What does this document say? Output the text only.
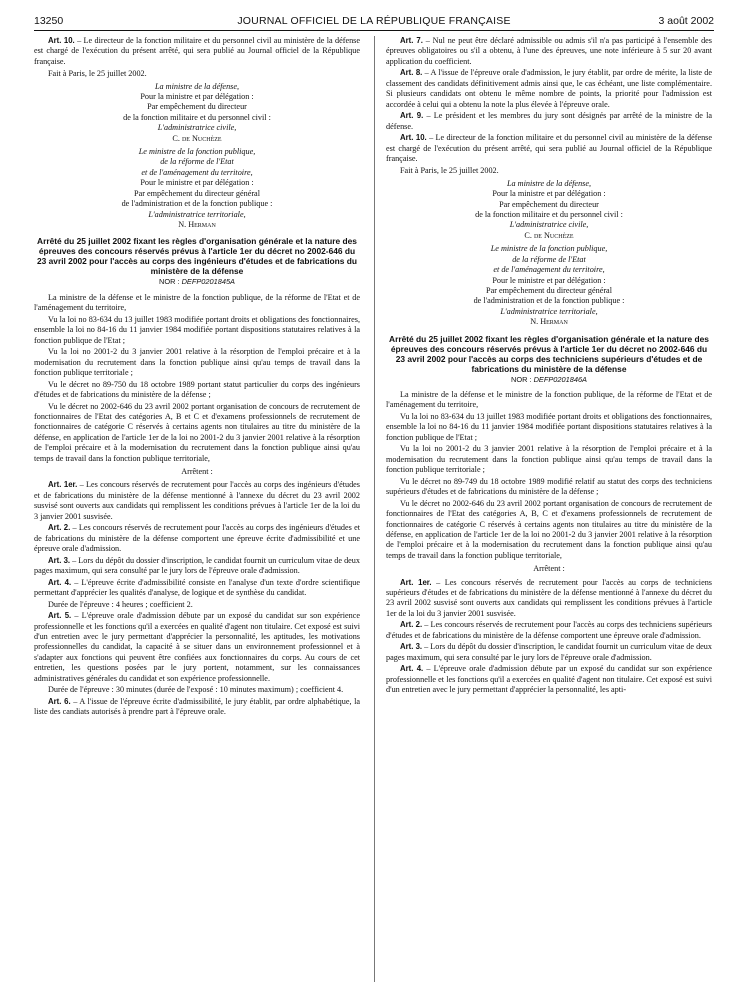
13250	JOURNAL OFFICIEL DE LA RÉPUBLIQUE FRANÇAISE	3 août 2002

Art. 10. – Le directeur de la fonction militaire et du personnel civil au ministère de la défense est chargé de l'exécution du présent arrêté, qui sera publié au Journal officiel de la République française.

Fait à Paris, le 25 juillet 2002.

La ministre de la défense,

Pour la ministre et par délégation :

Par empêchement du directeur

de la fonction militaire et du personnel civil :

L'administratrice civile,

C. de Nuchèze

Le ministre de la fonction publique,

de la réforme de l'Etat

et de l'aménagement du territoire,

Pour le ministre et par délégation :

Par empêchement du directeur général

de l'administration et de la fonction publique :

L'administratrice territoriale,

N. Herman

Arrêté du 25 juillet 2002 fixant les règles d'organisation générale et la nature des épreuves des concours réservés prévus à l'article 1er du décret no 2002-646 du 23 avril 2002 pour l'accès au corps des ingénieurs d'études et de fabrications du ministère de la défense

NOR : DEFP0201845A

La ministre de la défense et le ministre de la fonction publique, de la réforme de l'Etat et de l'aménagement du territoire,

Vu la loi no 83-634 du 13 juillet 1983 modifiée portant droits et obligations des fonctionnaires, ensemble la loi no 84-16 du 11 janvier 1984 modifiée portant dispositions statutaires relatives à la fonction publique de l'Etat ;

Vu la loi no 2001-2 du 3 janvier 2001 relative à la résorption de l'emploi précaire et à la modernisation du recrutement dans la fonction publique ainsi qu'au temps de travail dans la fonction publique territoriale ;

Vu le décret no 89-750 du 18 octobre 1989 portant statut particulier du corps des ingénieurs d'études et de fabrications du ministère de la défense ;

Vu le décret no 2002-646 du 23 avril 2002 portant organisation de concours de recrutement de fonctionnaires de l'Etat des catégories A, B et C et d'examens professionnels de recrutement de fonctionnaires de catégorie C réservés à certains agents non titulaires au titre du ministère de la défense, en application de l'article 1er de la loi no 2001-2 du 3 janvier 2001 relative à la résorption de l'emploi précaire et à la modernisation du recrutement dans la fonction publique ainsi qu'au temps de travail dans la fonction publique territoriale,

Arrêtent :

Art. 1er. – Les concours réservés de recrutement pour l'accès au corps des ingénieurs d'études et de fabrications du ministère de la défense mentionné à l'annexe du décret du 23 avril 2002 susvisé sont ouverts aux candidats qui remplissent les conditions prévues à l'article 1er de la loi du 3 janvier 2001 susvisée.

Art. 2. – Les concours réservés de recrutement pour l'accès au corps des ingénieurs d'études et de fabrications du ministère de la défense comportent une épreuve écrite d'admissibilité et une épreuve orale d'admission.

Art. 3. – Lors du dépôt du dossier d'inscription, le candidat fournit un curriculum vitae de deux pages maximum, qui sera consulté par le jury lors de l'épreuve orale d'admission.

Art. 4. – L'épreuve écrite d'admissibilité consiste en l'analyse d'un texte d'ordre scientifique permettant d'apprécier les qualités d'analyse, de logique et de synthèse du candidat.

Durée de l'épreuve : 4 heures ; coefficient 2.

Art. 5. – L'épreuve orale d'admission débute par un exposé du candidat sur son expérience professionnelle et les fonctions qu'il a exercées en qualité d'agent non titulaire. Cet exposé est suivi d'un entretien avec le jury permettant d'apprécier la personnalité, les aptitudes, les motivations professionnelles du candidat, la capacité à se situer dans un environnement professionnel et à s'adapter aux fonctions qui peuvent être confiées aux fonctionnaires du corps. Au cours de cet entretien, les questions posées par le jury portent, notamment, sur les connaissances administratives générales du candidat et son expérience professionnelle.

Durée de l'épreuve : 30 minutes (durée de l'exposé : 10 minutes maximum) ; coefficient 4.

Art. 6. – A l'issue de l'épreuve écrite d'admissibilité, le jury établit, par ordre alphabétique, la liste des candiats autorisés à prendre part à l'épreuve orale.

Art. 7. – Nul ne peut être déclaré admissible ou admis s'il n'a pas participé à l'ensemble des épreuves obligatoires ou s'il a obtenu, à l'une des épreuves, une note inférieure à 5 sur 20 avant application du coefficient.

Art. 8. – A l'issue de l'épreuve orale d'admission, le jury établit, par ordre de mérite, la liste de classement des candidats définitivement admis ainsi que, le cas échéant, une liste complémentaire. Si plusieurs candidats ont obtenu le même nombre de points, la priorité pour l'admission est accordée à celui qui a obtenu la note la plus élevée à l'épreuve orale.

Art. 9. – Le président et les membres du jury sont désignés par arrêté de la ministre de la défense.

Art. 10. – Le directeur de la fonction militaire et du personnel civil au ministère de la défense est chargé de l'exécution du présent arrêté, qui sera publié au Journal officiel de la République française.

Fait à Paris, le 25 juillet 2002.

La ministre de la défense,

Pour la ministre et par délégation :

Par empêchement du directeur

de la fonction militaire et du personnel civil :

L'administratrice civile,

C. de Nuchèze

Le ministre de la fonction publique,

de la réforme de l'Etat

et de l'aménagement du territoire,

Pour le ministre et par délégation :

Par empêchement du directeur général

de l'administration et de la fonction publique :

L'administratrice territoriale,

N. Herman

Arrêté du 25 juillet 2002 fixant les règles d'organisation générale et la nature des épreuves des concours réservés prévus à l'article 1er du décret no 2002-646 du 23 avril 2002 pour l'accès au corps des techniciens supérieurs d'études et de fabrications du ministère de la défense

NOR : DEFP0201846A

La ministre de la défense et le ministre de la fonction publique, de la réforme de l'Etat et de l'aménagement du territoire,

Vu la loi no 83-634 du 13 juillet 1983 modifiée portant droits et obligations des fonctionnaires, ensemble la loi no 84-16 du 11 janvier 1984 modifiée portant dispositions statutaires relatives à la fonction publique de l'Etat ;

Vu la loi no 2001-2 du 3 janvier 2001 relative à la résorption de l'emploi précaire et à la modernisation du recrutement dans la fonction publique ainsi qu'au temps de travail dans la fonction publique territoriale ;

Vu le décret no 89-749 du 18 octobre 1989 modifié relatif au statut des corps des techniciens supérieurs d'études et de fabrications du ministère de la défense ;

Vu le décret no 2002-646 du 23 avril 2002 portant organisation de concours de recrutement de fonctionnaires de l'Etat des catégories A, B, C et d'examens professionnels de recrutement de fonctionnaires de catégorie C réservés à certains agents non titulaires au titre du ministère de la défense, en application de l'article 1er de la loi no 2001-2 du 3 janvier 2001 relative à la résorption de l'emploi précaire et à la modernisation du recrutement dans la fonction publique ainsi qu'au temps de travail dans la fonction publique territoriale,

Arrêtent :

Art. 1er. – Les concours réservés de recrutement pour l'accès au corps de techniciens supérieurs d'études et de fabrications du ministère de la défense mentionné à l'annexe du décret du 23 avril 2002 susvisé sont ouverts aux candidats qui remplissent les conditions prévues à l'article 1er de la loi du 3 janvier 2001 susvisée.

Art. 2. – Les concours réservés de recrutement pour l'accès au corps des techniciens supérieurs d'études et de fabrications du ministère de la défense comportent une épreuve orale d'admission.

Art. 3. – Lors du dépôt du dossier d'inscription, le candidat fournit un curriculum vitae de deux pages maximum, qui sera consulté par le jury lors de l'épreuve orale d'admission.

Art. 4. – L'épreuve orale d'admission débute par un exposé du candidat sur son expérience professionnelle et les fonctions qu'il a exercées en qualité d'agent non titulaire. Cet exposé est suivi d'un entretien avec le jury permettant d'apprécier la personnalité, les apti-
